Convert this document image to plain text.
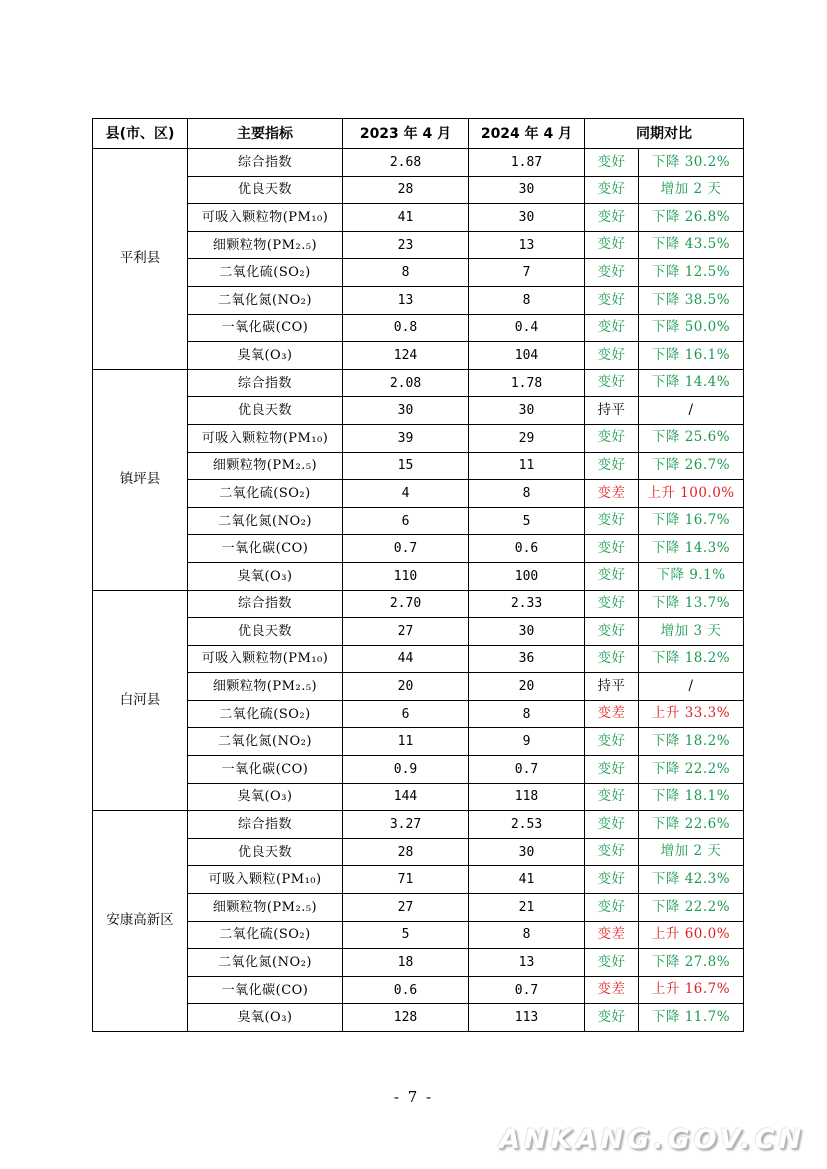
县(市、区)	主要指标	2023 年 4 月	2024 年 4 月	同期对比	
平利县	综合指数	2.68	1.87	变好	下降 30.2%
	优良天数	28	30	变好	增加 2 天
	可吸入颗粒物(PM₁₀)	41	30	变好	下降 26.8%
	细颗粒物(PM₂.₅)	23	13	变好	下降 43.5%
	二氧化硫(SO₂)	8	7	变好	下降 12.5%
	二氧化氮(NO₂)	13	8	变好	下降 38.5%
	一氧化碳(CO)	0.8	0.4	变好	下降 50.0%
	臭氧(O₃)	124	104	变好	下降 16.1%
镇坪县	综合指数	2.08	1.78	变好	下降 14.4%
	优良天数	30	30	持平	/
	可吸入颗粒物(PM₁₀)	39	29	变好	下降 25.6%
	细颗粒物(PM₂.₅)	15	11	变好	下降 26.7%
	二氧化硫(SO₂)	4	8	变差	上升 100.0%
	二氧化氮(NO₂)	6	5	变好	下降 16.7%
	一氧化碳(CO)	0.7	0.6	变好	下降 14.3%
	臭氧(O₃)	110	100	变好	下降 9.1%
白河县	综合指数	2.70	2.33	变好	下降 13.7%
	优良天数	27	30	变好	增加 3 天
	可吸入颗粒物(PM₁₀)	44	36	变好	下降 18.2%
	细颗粒物(PM₂.₅)	20	20	持平	/
	二氧化硫(SO₂)	6	8	变差	上升 33.3%
	二氧化氮(NO₂)	11	9	变好	下降 18.2%
	一氧化碳(CO)	0.9	0.7	变好	下降 22.2%
	臭氧(O₃)	144	118	变好	下降 18.1%
安康高新区	综合指数	3.27	2.53	变好	下降 22.6%
	优良天数	28	30	变好	增加 2 天
	可吸入颗粒(PM₁₀)	71	41	变好	下降 42.3%
	细颗粒物(PM₂.₅)	27	21	变好	下降 22.2%
	二氧化硫(SO₂)	5	8	变差	上升 60.0%
	二氧化氮(NO₂)	18	13	变好	下降 27.8%
	一氧化碳(CO)	0.6	0.7	变差	上升 16.7%
	臭氧(O₃)	128	113	变好	下降 11.7%
- 7 -
ANKANG.GOV.CN
